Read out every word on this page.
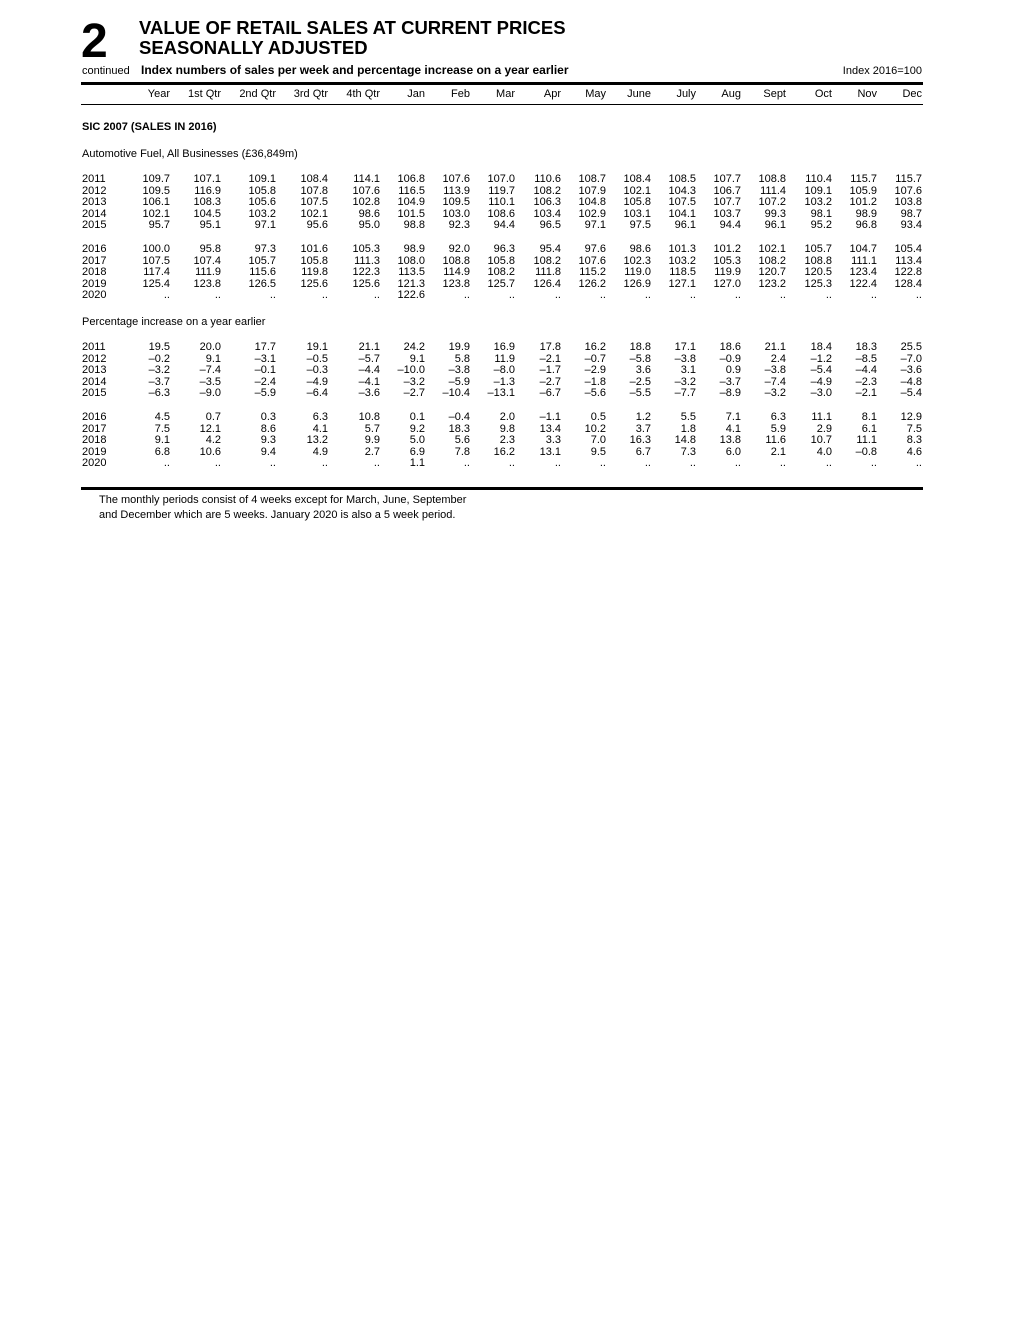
2
continued
VALUE OF RETAIL SALES AT CURRENT PRICES
SEASONALLY ADJUSTED
Index numbers of sales per week and percentage increase on a year earlier	Index 2016=100
Year	1st Qtr	2nd Qtr	3rd Qtr	4th Qtr	Jan	Feb	Mar	Apr	May	June	July	Aug	Sept	Oct	Nov	Dec
SIC 2007 (SALES IN 2016)
Automotive Fuel, All Businesses (£36,849m)
2011	109.7	107.1	109.1	108.4	114.1	106.8	107.6	107.0	110.6	108.7	108.4	108.5	107.7	108.8	110.4	115.7	115.7
2012	109.5	116.9	105.8	107.8	107.6	116.5	113.9	119.7	108.2	107.9	102.1	104.3	106.7	111.4	109.1	105.9	107.6
2013	106.1	108.3	105.6	107.5	102.8	104.9	109.5	110.1	106.3	104.8	105.8	107.5	107.7	107.2	103.2	101.2	103.8
2014	102.1	104.5	103.2	102.1	98.6	101.5	103.0	108.6	103.4	102.9	103.1	104.1	103.7	99.3	98.1	98.9	98.7
2015	95.7	95.1	97.1	95.6	95.0	98.8	92.3	94.4	96.5	97.1	97.5	96.1	94.4	96.1	95.2	96.8	93.4
2016	100.0	95.8	97.3	101.6	105.3	98.9	92.0	96.3	95.4	97.6	98.6	101.3	101.2	102.1	105.7	104.7	105.4
2017	107.5	107.4	105.7	105.8	111.3	108.0	108.8	105.8	108.2	107.6	102.3	103.2	105.3	108.2	108.8	111.1	113.4
2018	117.4	111.9	115.6	119.8	122.3	113.5	114.9	108.2	111.8	115.2	119.0	118.5	119.9	120.7	120.5	123.4	122.8
2019	125.4	123.8	126.5	125.6	125.6	121.3	123.8	125.7	126.4	126.2	126.9	127.1	127.0	123.2	125.3	122.4	128.4
2020	..	..	..	..	..	122.6	..	..	..	..	..	..	..	..	..	..	..
Percentage increase on a year earlier
2011	19.5	20.0	17.7	19.1	21.1	24.2	19.9	16.9	17.8	16.2	18.8	17.1	18.6	21.1	18.4	18.3	25.5
2012	–0.2	9.1	–3.1	–0.5	–5.7	9.1	5.8	11.9	–2.1	–0.7	–5.8	–3.8	–0.9	2.4	–1.2	–8.5	–7.0
2013	–3.2	–7.4	–0.1	–0.3	–4.4	–10.0	–3.8	–8.0	–1.7	–2.9	3.6	3.1	0.9	–3.8	–5.4	–4.4	–3.6
2014	–3.7	–3.5	–2.4	–4.9	–4.1	–3.2	–5.9	–1.3	–2.7	–1.8	–2.5	–3.2	–3.7	–7.4	–4.9	–2.3	–4.8
2015	–6.3	–9.0	–5.9	–6.4	–3.6	–2.7	–10.4	–13.1	–6.7	–5.6	–5.5	–7.7	–8.9	–3.2	–3.0	–2.1	–5.4
2016	4.5	0.7	0.3	6.3	10.8	0.1	–0.4	2.0	–1.1	0.5	1.2	5.5	7.1	6.3	11.1	8.1	12.9
2017	7.5	12.1	8.6	4.1	5.7	9.2	18.3	9.8	13.4	10.2	3.7	1.8	4.1	5.9	2.9	6.1	7.5
2018	9.1	4.2	9.3	13.2	9.9	5.0	5.6	2.3	3.3	7.0	16.3	14.8	13.8	11.6	10.7	11.1	8.3
2019	6.8	10.6	9.4	4.9	2.7	6.9	7.8	16.2	13.1	9.5	6.7	7.3	6.0	2.1	4.0	–0.8	4.6
2020	..	..	..	..	..	1.1	..	..	..	..	..	..	..	..	..	..	..
The monthly periods consist of 4 weeks except for March, June, September
and December which are 5 weeks. January 2020 is also a 5 week period.
